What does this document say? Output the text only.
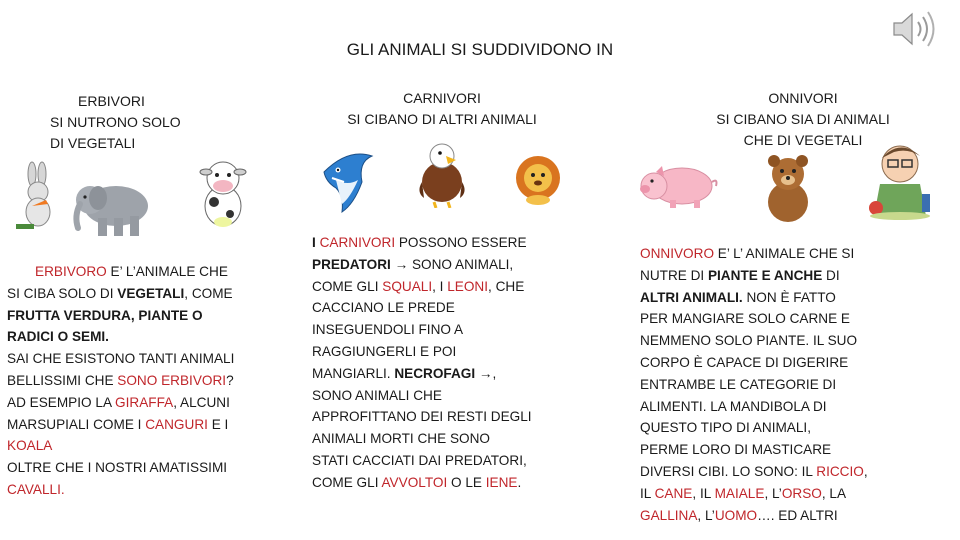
GLI ANIMALI SI SUDDIVIDONO IN
ERBIVORI
SI NUTRONO SOLO
DI VEGETALI
CARNIVORI
SI CIBANO DI ALTRI ANIMALI
ONNIVORI
SI CIBANO SIA DI ANIMALI
CHE DI VEGETALI
ERBIVORO E’ L’ANIMALE CHE
SI CIBA SOLO DI VEGETALI, COME
FRUTTA VERDURA, PIANTE O
RADICI O SEMI.
SAI CHE ESISTONO TANTI ANIMALI
BELLISSIMI CHE SONO ERBIVORI?
AD ESEMPIO LA GIRAFFA, ALCUNI
MARSUPIALI COME I CANGURI E I
KOALA
OLTRE CHE I NOSTRI AMATISSIMI
CAVALLI.
I CARNIVORI POSSONO ESSERE
PREDATORI → SONO ANIMALI,
COME GLI SQUALI, I LEONI, CHE
CACCIANO LE PREDE
INSEGUENDOLI FINO A
RAGGIUNGERLI E POI
MANGIARLI. NECROFAGI →,
SONO ANIMALI CHE
APPROFITTANO DEI RESTI DEGLI
ANIMALI MORTI CHE SONO
STATI CACCIATI DAI PREDATORI,
COME GLI AVVOLTOI O LE IENE.
ONNIVORO E’ L’ ANIMALE CHE SI
NUTRE DI PIANTE E ANCHE DI
ALTRI ANIMALI. NON È FATTO
PER MANGIARE SOLO CARNE E
NEMMENO SOLO PIANTE. IL SUO
CORPO È CAPACE DI DIGERIRE
ENTRAMBE LE CATEGORIE DI
ALIMENTI. LA MANDIBOLA DI
QUESTO TIPO DI ANIMALI,
PERME LORO DI MASTICARE
DIVERSI CIBI. LO SONO: IL RICCIO,
IL CANE, IL MAIALE, L’ORSO, LA
GALLINA, L’UOMO…. ED ALTRI
